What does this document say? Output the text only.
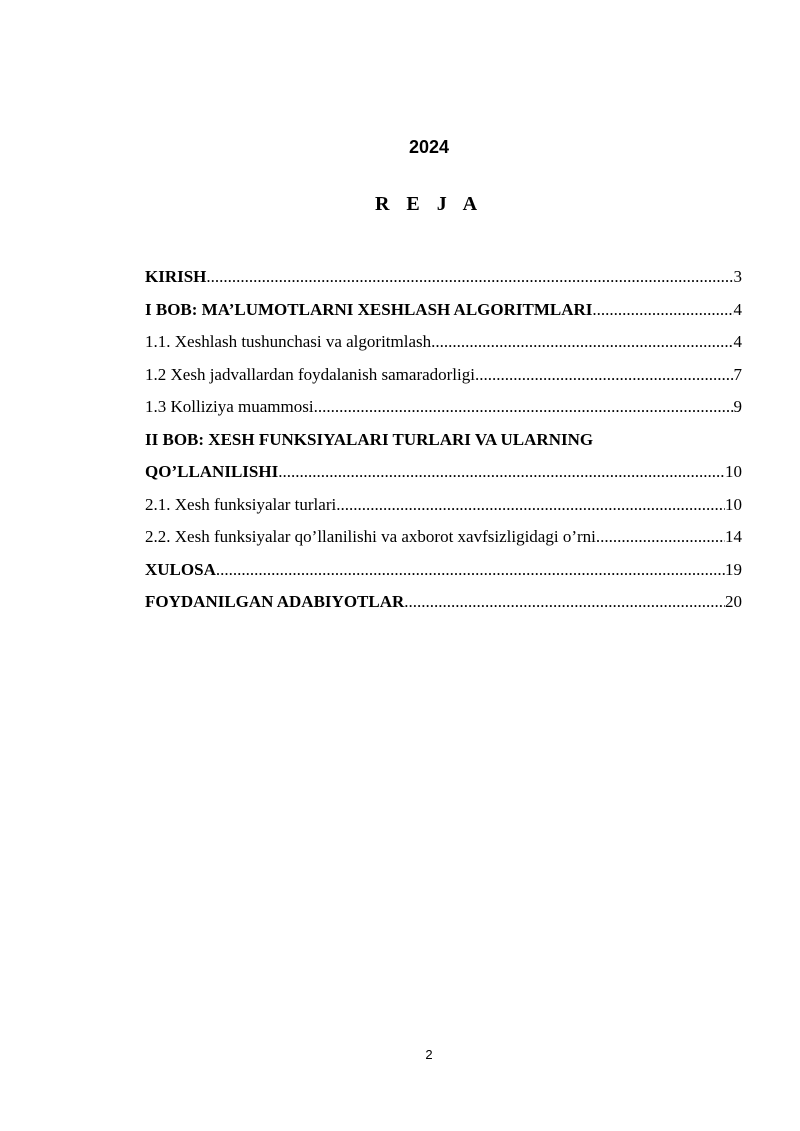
2024
R E J A
KIRISH .....	3
I BOB: MA’LUMOTLARNI XESHLASH ALGORITMLARI .....	4
1.1. Xeshlash tushunchasi va algoritmlash .....	4
1.2 Xesh jadvallardan foydalanish samaradorligi .....	7
1.3 Kolliziya muammosi .....	9
II BOB: XESH FUNKSIYALARI TURLARI VA ULARNING
QO’LLANILISHI .....	10
2.1. Xesh funksiyalar turlari .....	10
2.2. Xesh funksiyalar qo’llanilishi va axborot xavfsizligidagi o’rni .....	14
XULOSA .....	19
FOYDANILGAN ADABIYOTLAR .....	20
2
